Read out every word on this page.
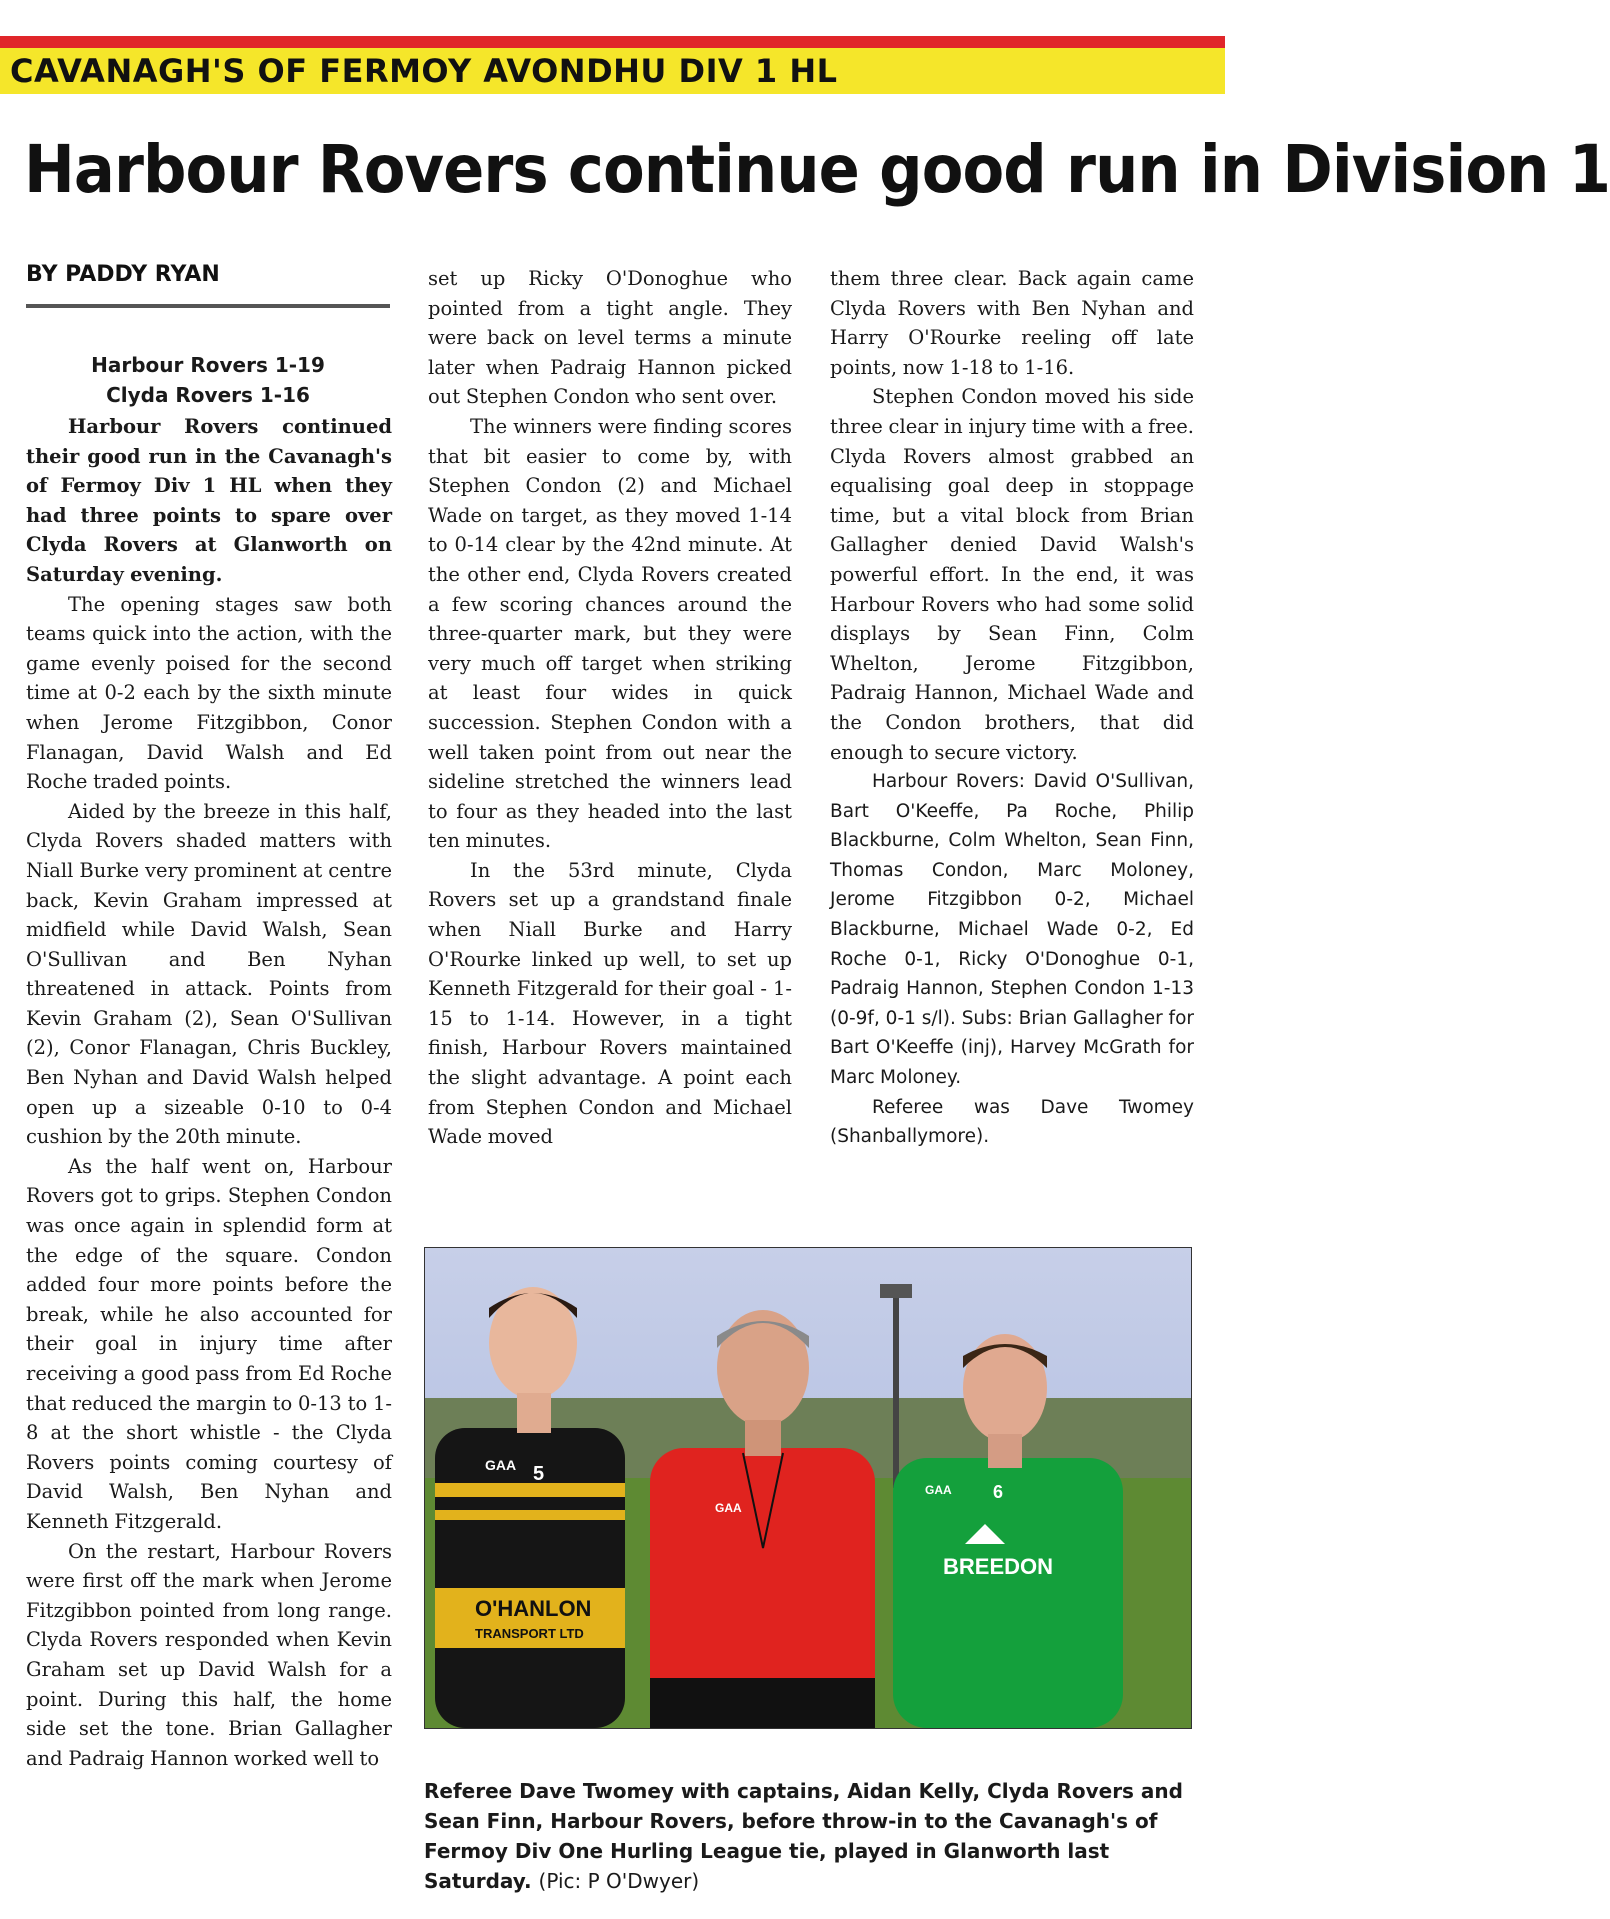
CAVANAGH'S OF FERMOY AVONDHU DIV 1 HL
Harbour Rovers continue good run in Division 1
BY PADDY RYAN
Harbour Rovers 1-19
Clyda Rovers 1-16

Harbour Rovers continued their good run in the Cavanagh's of Fermoy Div 1 HL when they had three points to spare over Clyda Rovers at Glanworth on Saturday evening.

The opening stages saw both teams quick into the action, with the game evenly poised for the second time at 0-2 each by the sixth minute when Jerome Fitzgibbon, Conor Flanagan, David Walsh and Ed Roche traded points.

Aided by the breeze in this half, Clyda Rovers shaded matters with Niall Burke very prominent at centre back, Kevin Graham impressed at midfield while David Walsh, Sean O'Sullivan and Ben Nyhan threatened in attack. Points from Kevin Graham (2), Sean O'Sullivan (2), Conor Flanagan, Chris Buckley, Ben Nyhan and David Walsh helped open up a sizeable 0-10 to 0-4 cushion by the 20th minute.

As the half went on, Harbour Rovers got to grips. Stephen Condon was once again in splendid form at the edge of the square. Condon added four more points before the break, while he also accounted for their goal in injury time after receiving a good pass from Ed Roche that reduced the margin to 0-13 to 1-8 at the short whistle - the Clyda Rovers points coming courtesy of David Walsh, Ben Nyhan and Kenneth Fitzgerald.

On the restart, Harbour Rovers were first off the mark when Jerome Fitzgibbon pointed from long range. Clyda Rovers responded when Kevin Graham set up David Walsh for a point. During this half, the home side set the tone. Brian Gallagher and Padraig Hannon worked well to

set up Ricky O'Donoghue who pointed from a tight angle. They were back on level terms a minute later when Padraig Hannon picked out Stephen Condon who sent over.

The winners were finding scores that bit easier to come by, with Stephen Condon (2) and Michael Wade on target, as they moved 1-14 to 0-14 clear by the 42nd minute. At the other end, Clyda Rovers created a few scoring chances around the three-quarter mark, but they were very much off target when striking at least four wides in quick succession. Stephen Condon with a well taken point from out near the sideline stretched the winners lead to four as they headed into the last ten minutes.

In the 53rd minute, Clyda Rovers set up a grandstand finale when Niall Burke and Harry O'Rourke linked up well, to set up Kenneth Fitzgerald for their goal - 1-15 to 1-14. However, in a tight finish, Harbour Rovers maintained the slight advantage. A point each from Stephen Condon and Michael Wade moved

them three clear. Back again came Clyda Rovers with Ben Nyhan and Harry O'Rourke reeling off late points, now 1-18 to 1-16.

Stephen Condon moved his side three clear in injury time with a free. Clyda Rovers almost grabbed an equalising goal deep in stoppage time, but a vital block from Brian Gallagher denied David Walsh's powerful effort. In the end, it was Harbour Rovers who had some solid displays by Sean Finn, Colm Whelton, Jerome Fitzgibbon, Padraig Hannon, Michael Wade and the Condon brothers, that did enough to secure victory.

Harbour Rovers: David O'Sullivan, Bart O'Keeffe, Pa Roche, Philip Blackburne, Colm Whelton, Sean Finn, Thomas Condon, Marc Moloney, Jerome Fitzgibbon 0-2, Michael Blackburne, Michael Wade 0-2, Ed Roche 0-1, Ricky O'Donoghue 0-1, Padraig Hannon, Stephen Condon 1-13 (0-9f, 0-1 s/l). Subs: Brian Gallagher for Bart O'Keeffe (inj), Harvey McGrath for Marc Moloney.

Referee was Dave Twomey (Shanballymore).

GAA 5
O'HANLON
TRANSPORT LTD
GAA
GAA 6
BREEDON
Referee Dave Twomey with captains, Aidan Kelly, Clyda Rovers and Sean Finn, Harbour Rovers, before throw-in to the Cavanagh's of Fermoy Div One Hurling League tie, played in Glanworth last Saturday. (Pic: P O'Dwyer)
